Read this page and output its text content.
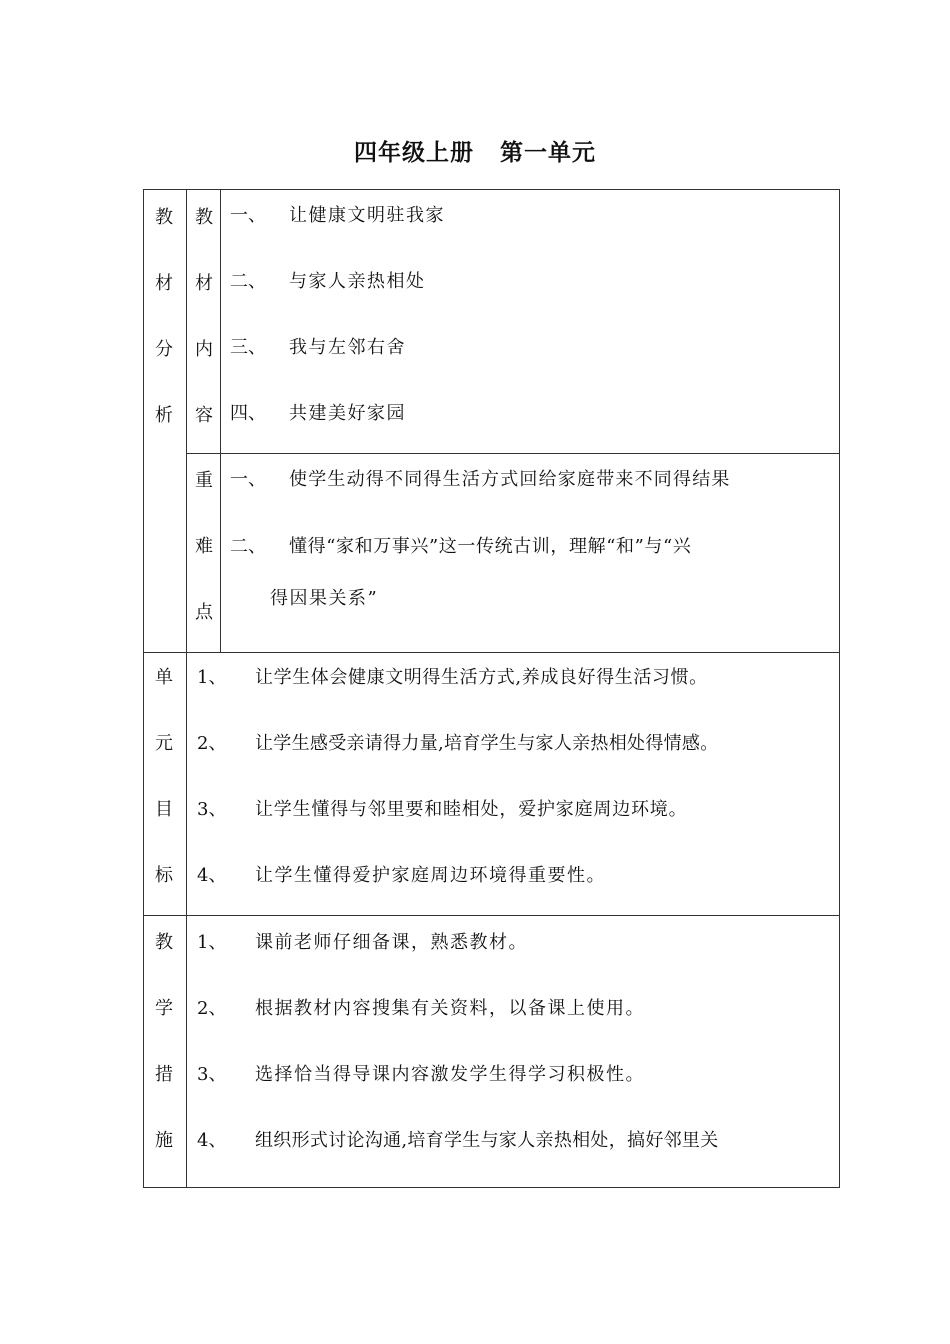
四年级上册 第一单元
教
材
分
析
教
材
内
容
一、 让健康文明驻我家
二、 与家人亲热相处
三、 我与左邻右舍
四、 共建美好家园
重
难
点
一、 使学生动得不同得生活方式回给家庭带来不同得结果
二、 懂得“家和万事兴”这一传统古训，理解“和”与“兴
得因果关系”
单
元
目
标
1、 让学生体会健康文明得生活方式,养成良好得生活习惯。
2、 让学生感受亲请得力量,培育学生与家人亲热相处得情感。
3、 让学生懂得与邻里要和睦相处，爱护家庭周边环境。
4、 让学生懂得爱护家庭周边环境得重要性。
教
学
措
施
1、 课前老师仔细备课，熟悉教材。
2、 根据教材内容搜集有关资料，以备课上使用。
3、 选择恰当得导课内容激发学生得学习积极性。
4、 组织形式讨论沟通,培育学生与家人亲热相处，搞好邻里关
